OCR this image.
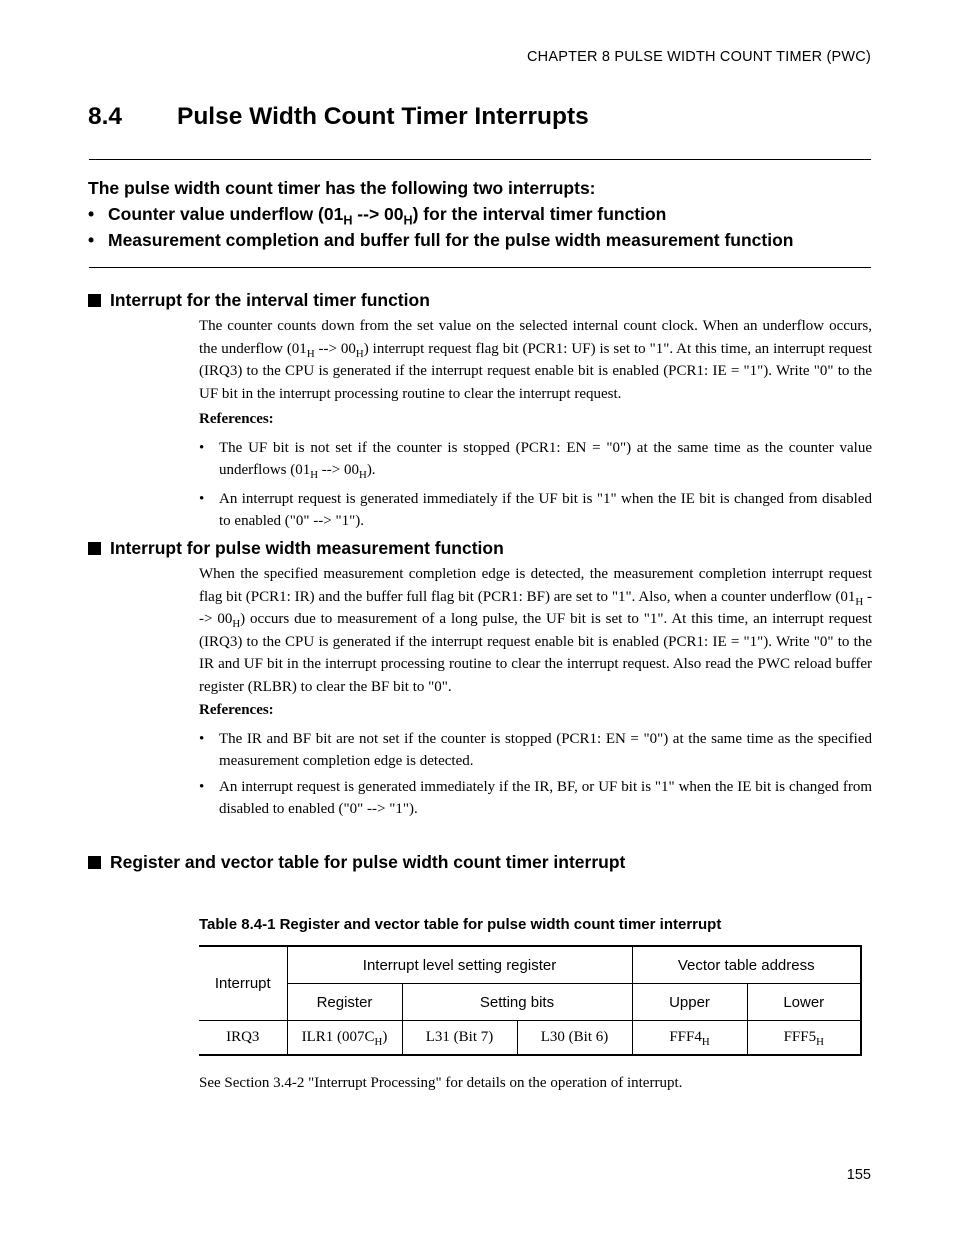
CHAPTER 8 PULSE WIDTH COUNT TIMER (PWC)
8.4 Pulse Width Count Timer Interrupts
The pulse width count timer has the following two interrupts:
• Counter value underflow ($01_H$ --> $00_H$) for the interval timer function
• Measurement completion and buffer full for the pulse width measurement function
Interrupt for the interval timer function
The counter counts down from the set value on the selected internal count clock. When an underflow occurs, the underflow ($01_H$ --> $00_H$) interrupt request flag bit (PCR1: UF) is set to "1". At this time, an interrupt request (IRQ3) to the CPU is generated if the interrupt request enable bit is enabled (PCR1: IE = "1"). Write "0" to the UF bit in the interrupt processing routine to clear the interrupt request.
References:
• The UF bit is not set if the counter is stopped (PCR1: EN = "0") at the same time as the counter value underflows ($01_H$ --> $00_H$).
• An interrupt request is generated immediately if the UF bit is "1" when the IE bit is changed from disabled to enabled ("0" --> "1").
Interrupt for pulse width measurement function
When the specified measurement completion edge is detected, the measurement completion interrupt request flag bit (PCR1: IR) and the buffer full flag bit (PCR1: BF) are set to "1". Also, when a counter underflow ($01_H$ --> $00_H$) occurs due to measurement of a long pulse, the UF bit is set to "1". At this time, an interrupt request (IRQ3) to the CPU is generated if the interrupt request enable bit is enabled (PCR1: IE = "1"). Write "0" to the IR and UF bit in the interrupt processing routine to clear the interrupt request. Also read the PWC reload buffer register (RLBR) to clear the BF bit to "0".
References:
• The IR and BF bit are not set if the counter is stopped (PCR1: EN = "0") at the same time as the specified measurement completion edge is detected.
• An interrupt request is generated immediately if the IR, BF, or UF bit is "1" when the IE bit is changed from disabled to enabled ("0" --> "1").
Register and vector table for pulse width count timer interrupt
Table 8.4-1 Register and vector table for pulse width count timer interrupt
Interrupt	Interrupt level setting register			Vector table address	
	Register	Setting bits		Upper	Lower
IRQ3	ILR1 $(007C_H)$	L31 (Bit 7)	L30 (Bit 6)	$FFF4_H$	$FFF5_H$
See Section 3.4-2 "Interrupt Processing" for details on the operation of interrupt.
155
